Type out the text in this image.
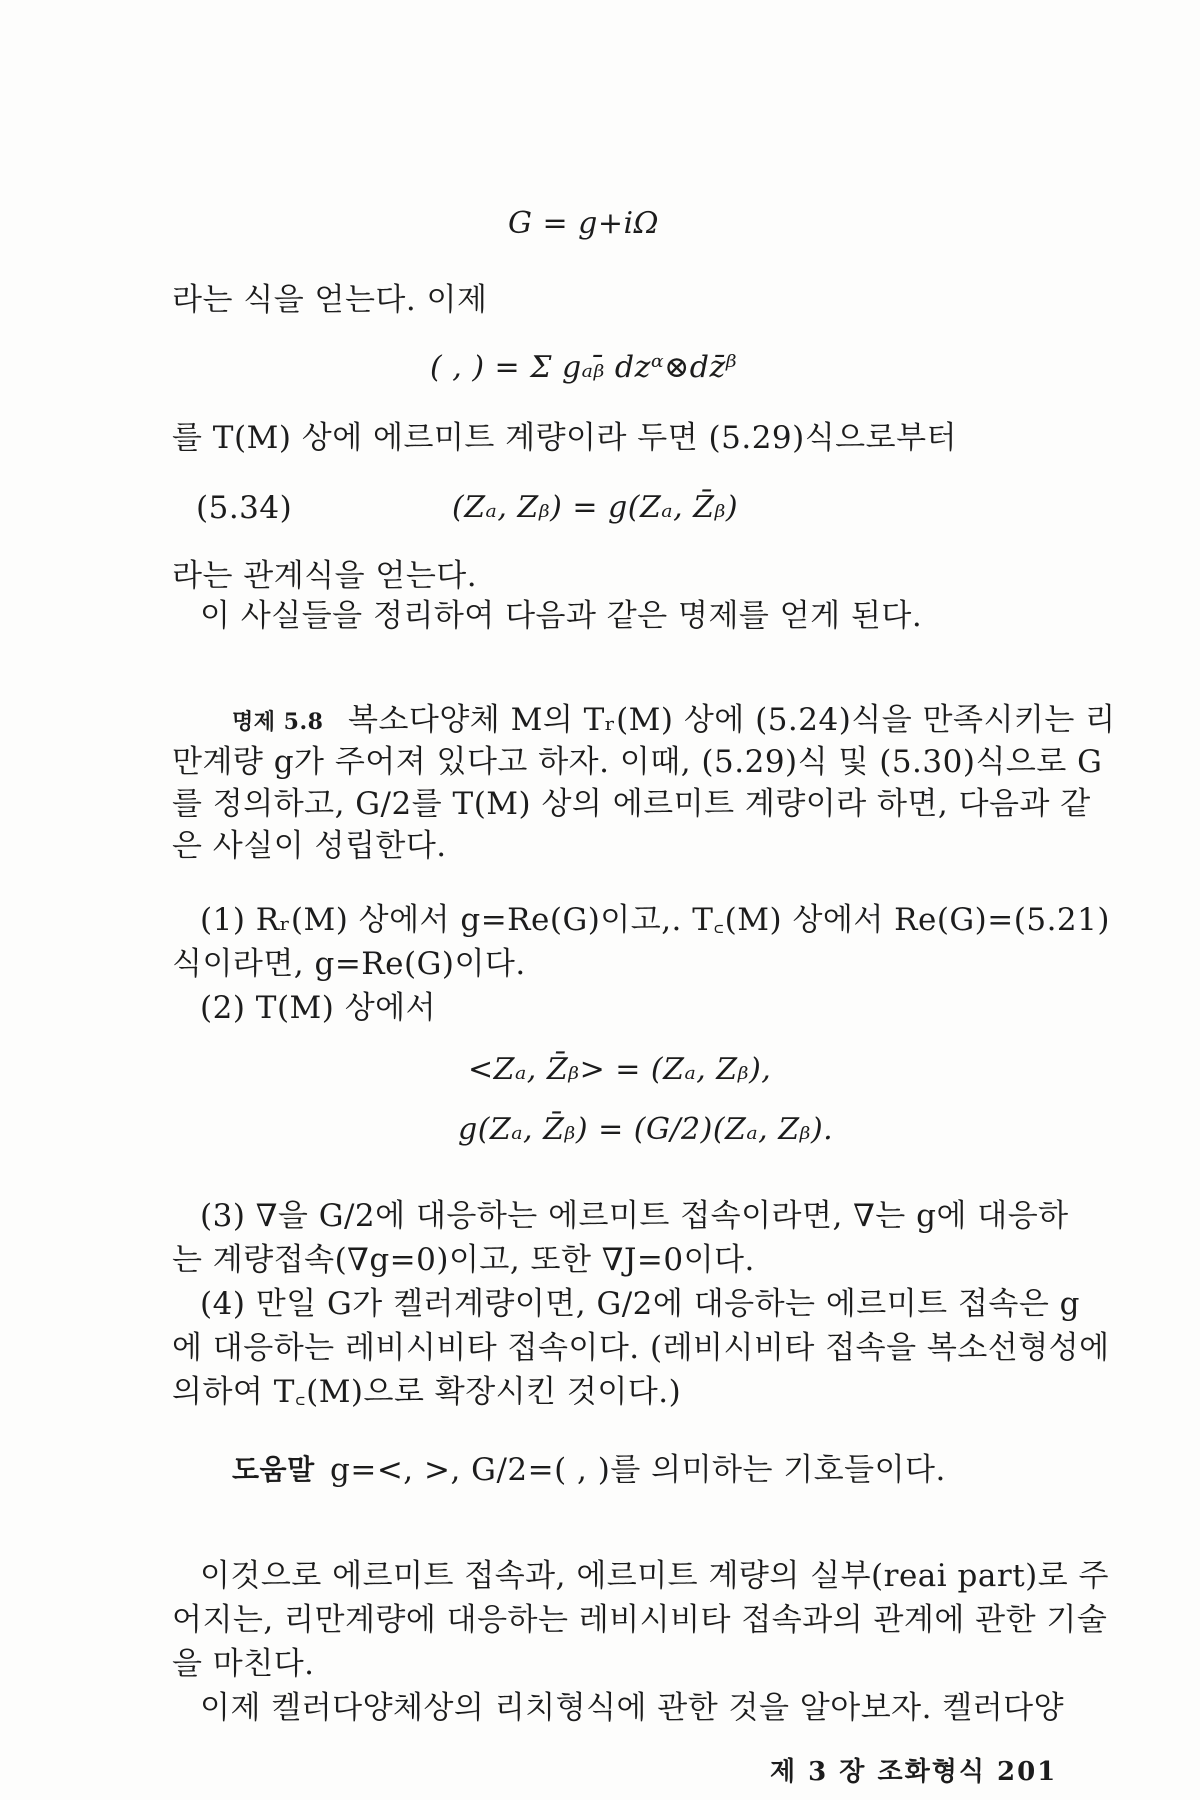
G = g+iΩ
라는 식을 얻는다. 이제
( , ) = Σ gₐᵦ̄ dzᵅ⊗dz̄ᵝ
를 T(M) 상에 에르미트 계량이라 두면 (5.29)식으로부터
(5.34)	(Zₐ, Zᵦ) = g(Zₐ, Z̄ᵦ)
라는 관계식을 얻는다.
이 사실들을 정리하여 다음과 같은 명제를 얻게 된다.
명제 5.8 복소다양체 M의 Tᵣ(M) 상에 (5.24)식을 만족시키는 리
만계량 g가 주어져 있다고 하자. 이때, (5.29)식 및 (5.30)식으로 G
를 정의하고, G/2를 T(M) 상의 에르미트 계량이라 하면, 다음과 같
은 사실이 성립한다.
(1) Rᵣ(M) 상에서 g=Re(G)이고,. T꜀(M) 상에서 Re(G)=(5.21)
식이라면, g=Re(G)이다.
(2) T(M) 상에서
<Zₐ, Z̄ᵦ> = (Zₐ, Zᵦ),
g(Zₐ, Z̄ᵦ) = (G/2)(Zₐ, Zᵦ).
(3) ∇을 G/2에 대응하는 에르미트 접속이라면, ∇는 g에 대응하
는 계량접속(∇g=0)이고, 또한 ∇J=0이다.
(4) 만일 G가 켈러계량이면, G/2에 대응하는 에르미트 접속은 g
에 대응하는 레비시비타 접속이다. (레비시비타 접속을 복소선형성에
의하여 T꜀(M)으로 확장시킨 것이다.)
도움말 g=<, >, G/2=( , )를 의미하는 기호들이다.
이것으로 에르미트 접속과, 에르미트 계량의 실부(reai part)로 주
어지는, 리만계량에 대응하는 레비시비타 접속과의 관계에 관한 기술
을 마친다.
이제 켈러다양체상의 리치형식에 관한 것을 알아보자. 켈러다양
제 3 장 조화형식 201
